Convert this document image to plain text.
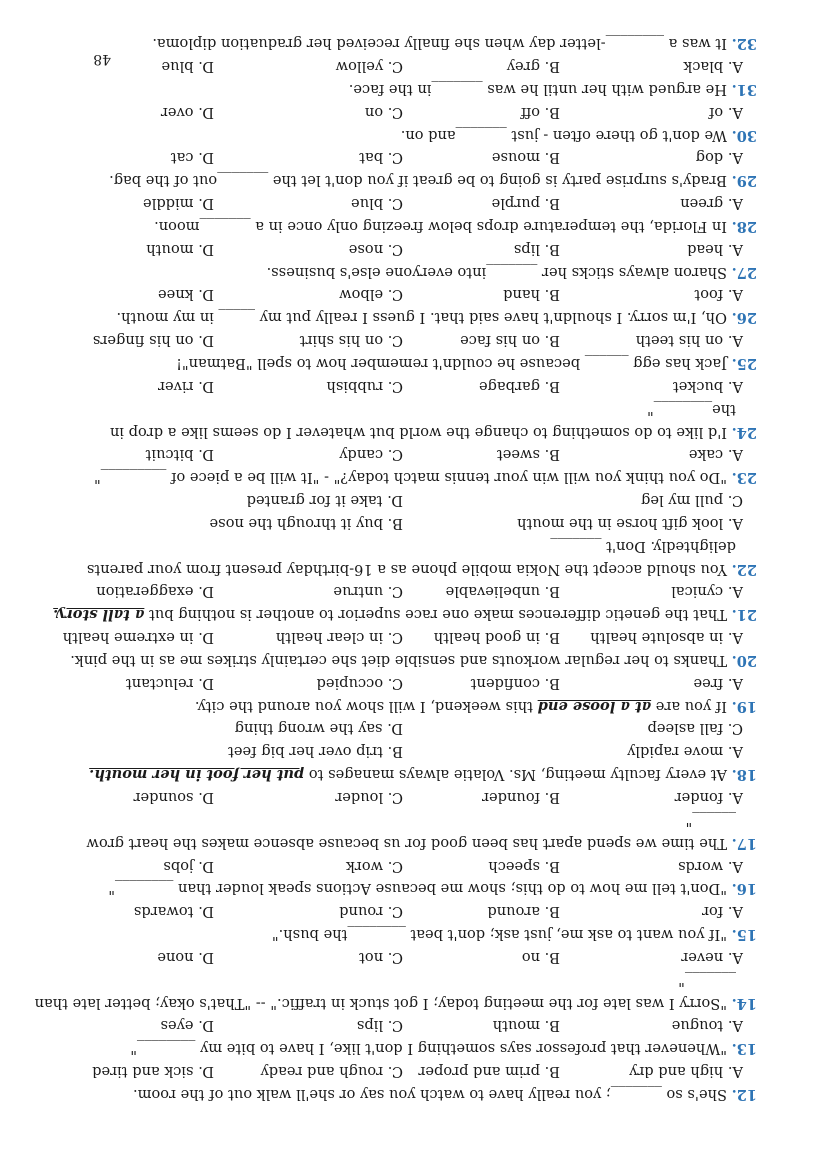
12. She's so _______; you really have to watch you say or she'll walk out of the room.
A. high and dry
B. prim and proper
C. rough and ready
D. sick and tired
13. "Whenever that professor says something I don't like, I have to bite my ________"
A. tougue
B. mouth
C. lips
D. eyes
14. "Sorry I was late for the meeting today; I got stuck in traffic." -- "That's okay; better late than
_______"
A. never
B. no
C. not
D. none
15. "If you want to ask me, just ask; don't beat ________the bush."
A. for
B. around
C. round
D. towards
16. "Don't tell me how to do this; show me because Actions speak louder than ________"
A. words
B. speech
C. work
D. jobs
17. The time we spend apart has been good for us because absence makes the heart grow
______"
A. fonder
B. founder
C. louder
D. sounder
18. At every faculty meeting, Ms. Volatie always manages to put her foot in her mouth.
A. move rapidly
B. trip over her big feet
C. fall asleep
D. say the wrong thing
19. If you are at a loose end this weekend, I will show you around the city.
A. free
B. confident
C. occupied
D. reluctant
20. Thanks to her regular workouts and sensible diet she certainly strikes me as in the pink.
A. in absolute health
B. in good health
C. in clear health
D. in extreme health
21. That the genetic differences make one race superior to another is nothing but a tall story.
A. cynical
B. unbelievable
C. untrue
D. exaggeration
22. You should accept the Nokia mobile phone as a 16-birthday present from your parents
delightedly. Don't _______
A. look gift horse in the mouth
B. buy it through the nose
C. pull my leg
D. take it for granted
23. "Do you think you will win your tennis match today?" - "It will be a piece of _________"
A. cake
B. sweet
C. candy
D. bitcuit
24. I'd like to do something to change the world but whatever I do seems like a drop in
the________"
A. bucket
B. garbage
C. rubbish
D. river
25. Jack has egg ______ because he couldn't remember how to spell "Batman"!
A. on his teeth
B. on his face
C. on his shirt
D. on his fingers
26. Oh, I'm sorry. I shouldn't have said that. I guess I really put my _____ in my mouth.
A. foot
B. hand
C. elbow
D. knee
27. Sharon always sticks her _______into everyone else's business.
A. head
B. lips
C. nose
D. mouth
28. In Florida, the temperature drops below freezing only once in a _______moon.
A. green
B. purple
C. blue
D. middle
29. Brady's surprise party is going to be great if you don't let the _______out of the bag.
A. dog
B. mouse
C. bat
D. cat
30. We don't go there often - just _______and on.
A. of
B. off
C. on
D. over
31. He argued with her until he was _______in the face.
A. black
B. grey
C. yellow
D. blue
32. It was a ________-letter day when she finally received her graduation diploma.
48
